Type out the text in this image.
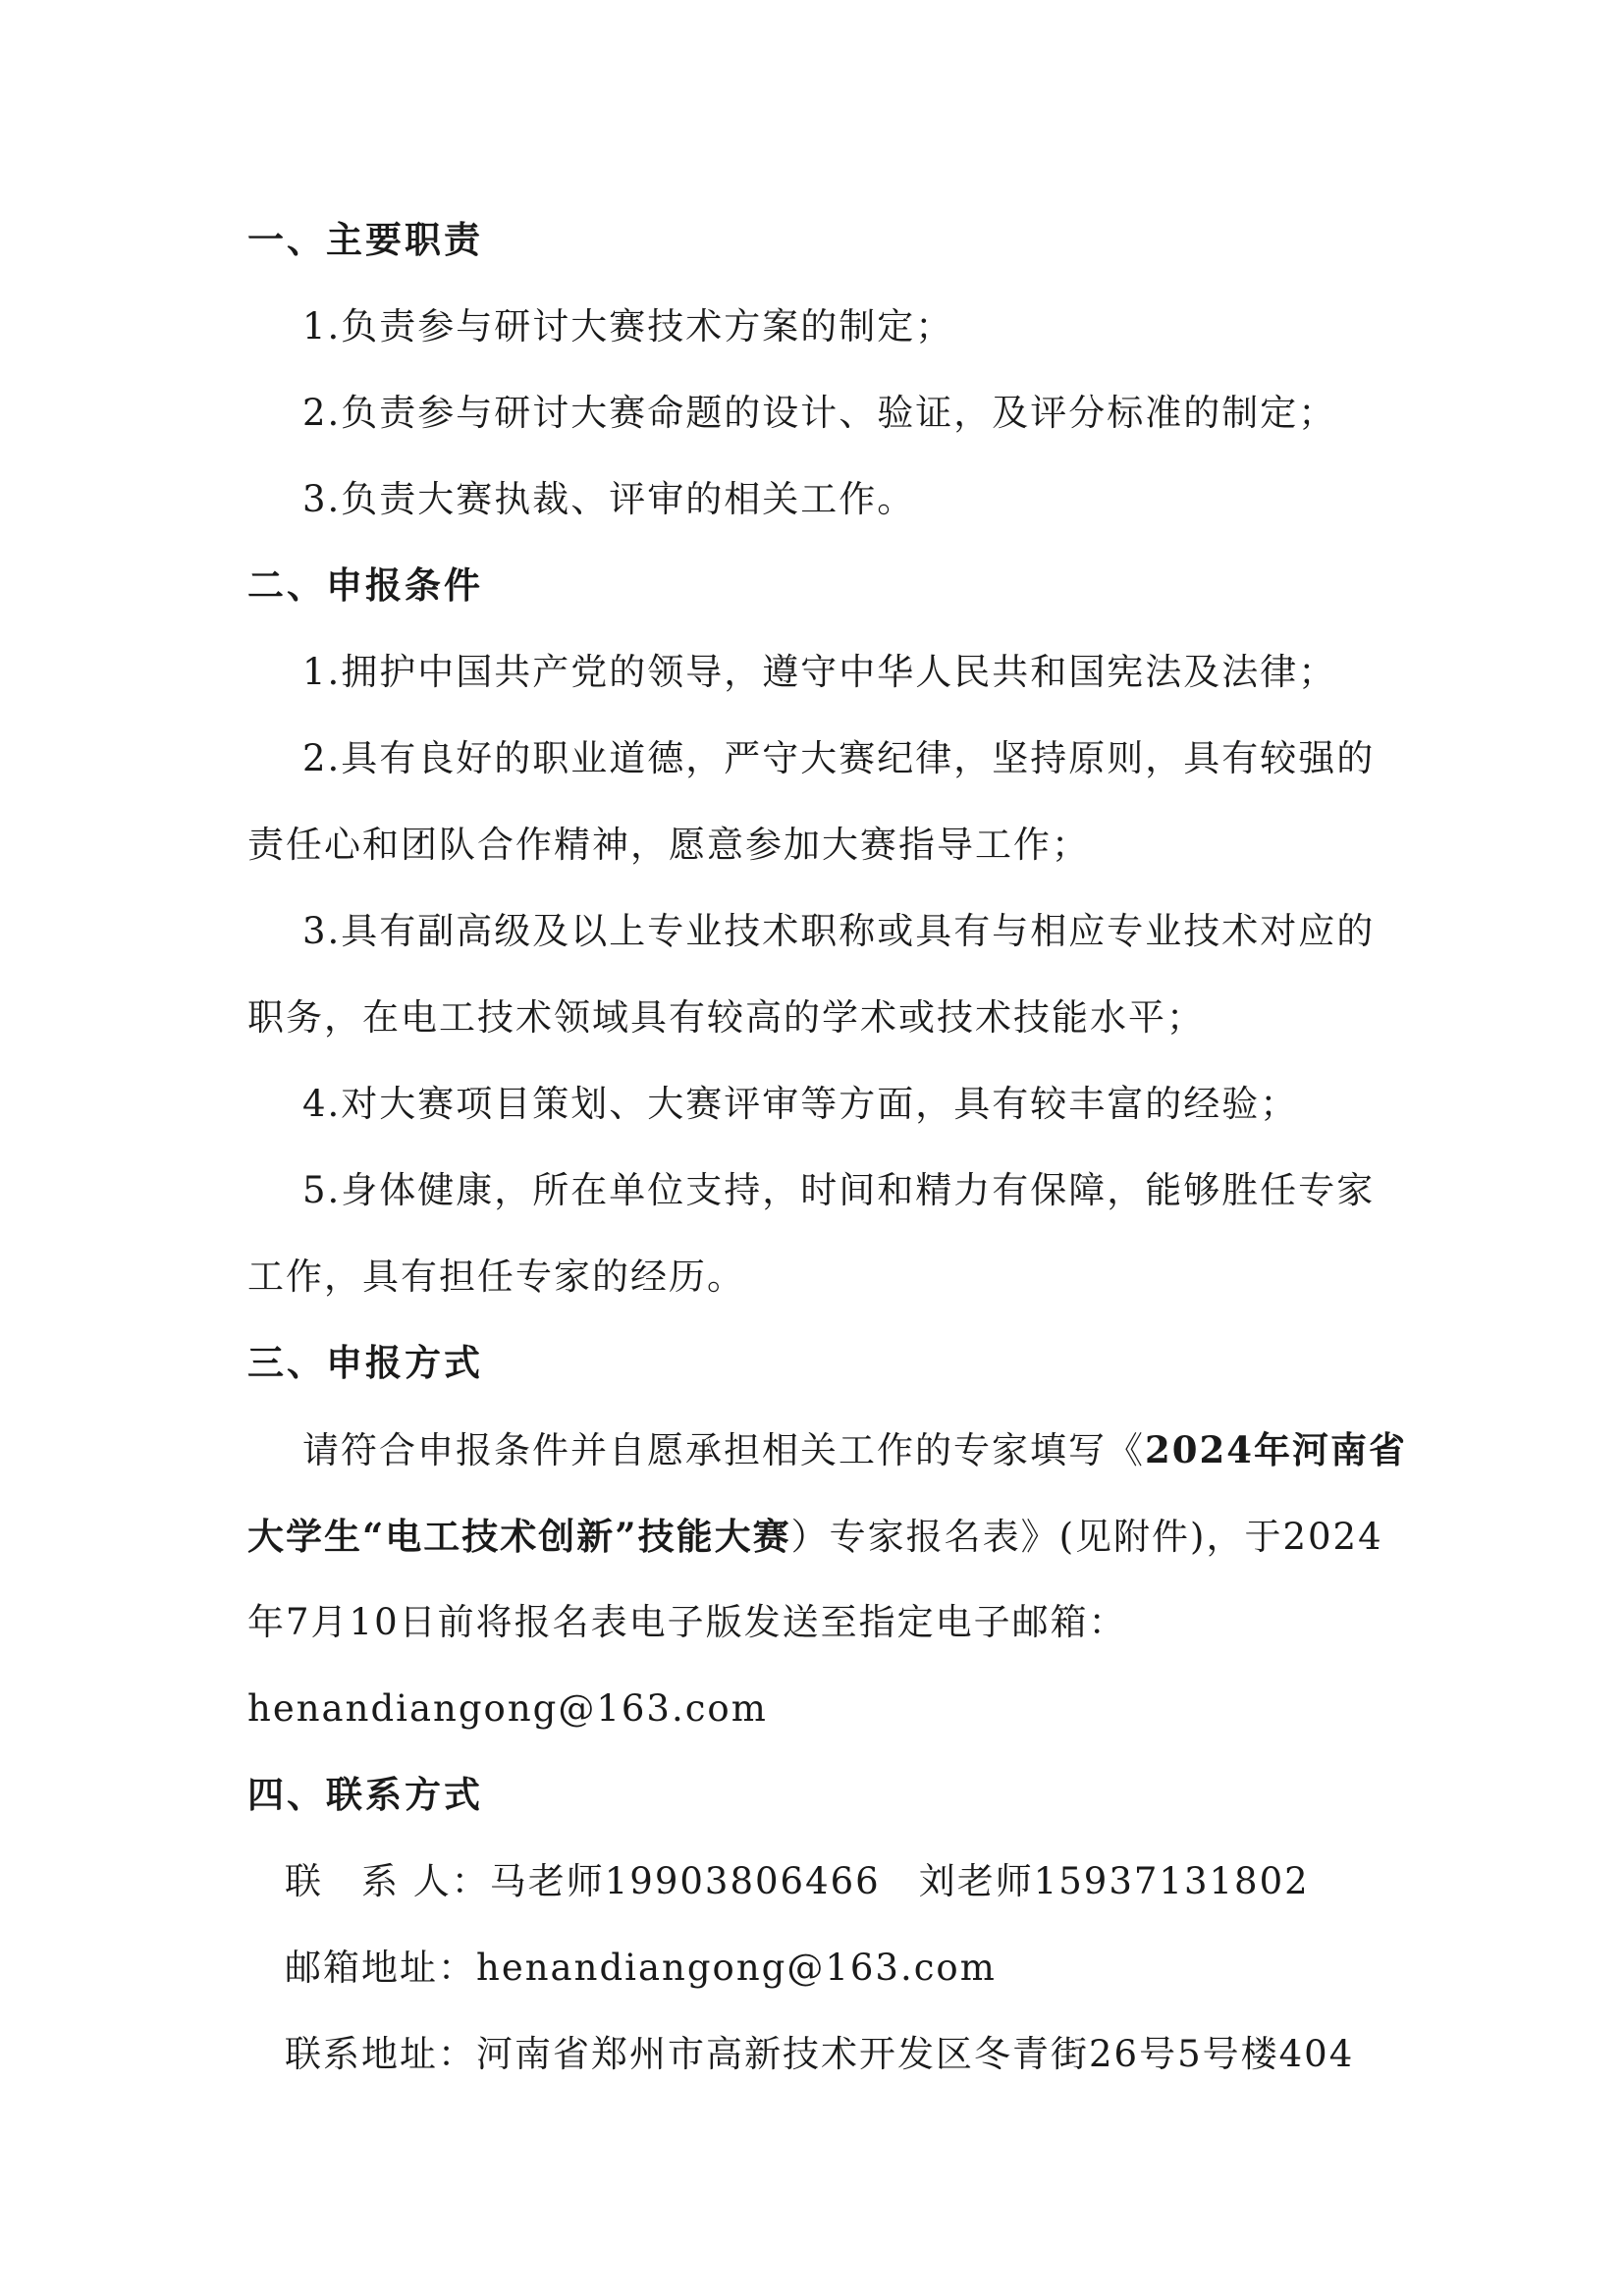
一、主要职责
1.负责参与研讨大赛技术方案的制定；
2.负责参与研讨大赛命题的设计、验证，及评分标准的制定；
3.负责大赛执裁、评审的相关工作。
二、申报条件
1.拥护中国共产党的领导，遵守中华人民共和国宪法及法律；
2.具有良好的职业道德，严守大赛纪律，坚持原则，具有较强的
责任心和团队合作精神，愿意参加大赛指导工作；
3.具有副高级及以上专业技术职称或具有与相应专业技术对应的
职务，在电工技术领域具有较高的学术或技术技能水平；
4.对大赛项目策划、大赛评审等方面，具有较丰富的经验；
5.身体健康，所在单位支持，时间和精力有保障，能够胜任专家
工作，具有担任专家的经历。
三、申报方式
请符合申报条件并自愿承担相关工作的专家填写《2024年河南省
大学生“电工技术创新”技能大赛）专家报名表》(见附件)，于2024
年7月10日前将报名表电子版发送至指定电子邮箱：
henandiangong@163.com
四、联系方式
联　系 人：马老师19903806466　刘老师15937131802
邮箱地址：henandiangong@163.com
联系地址：河南省郑州市高新技术开发区冬青街26号5号楼404
